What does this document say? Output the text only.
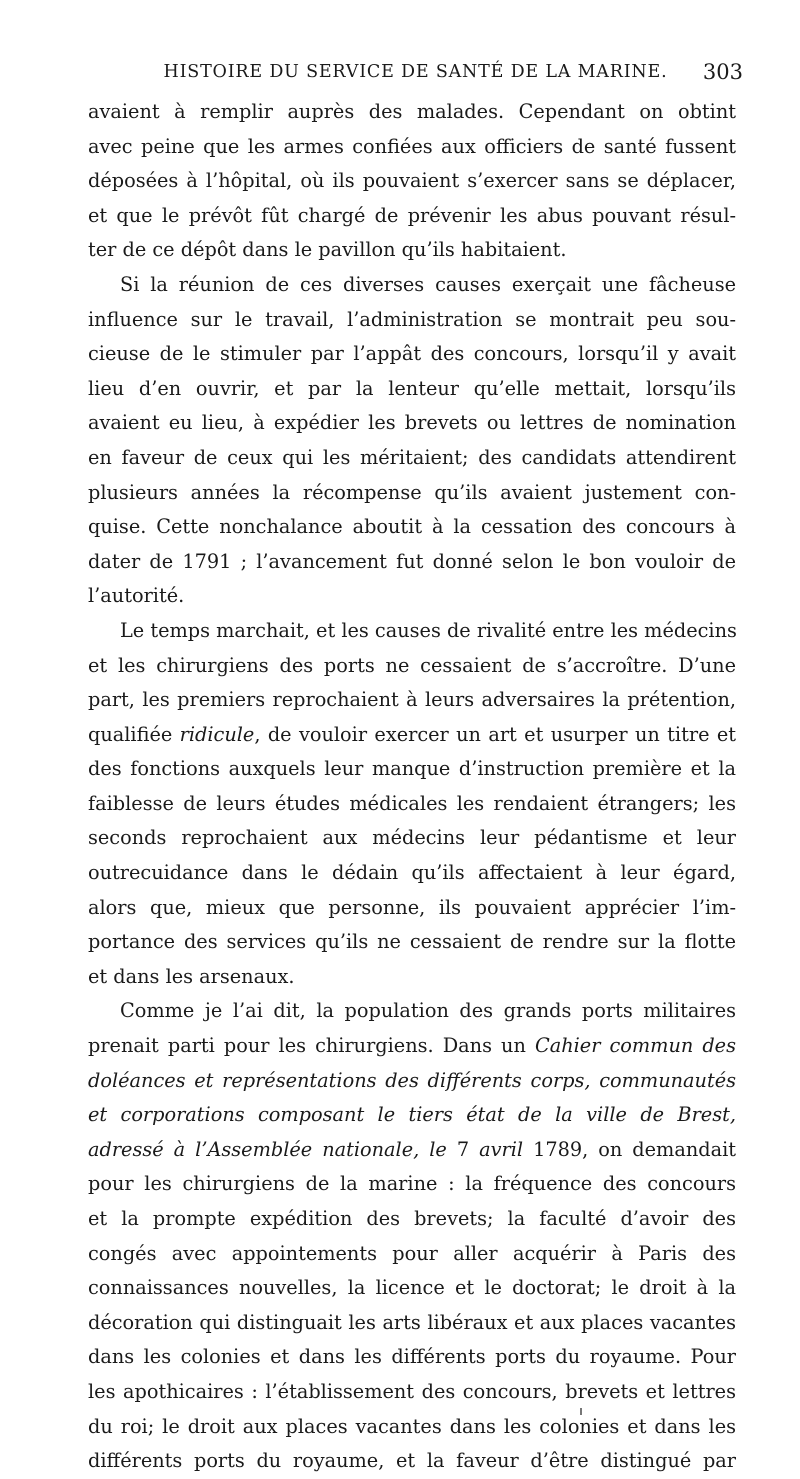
HISTOIRE DU SERVICE DE SANTÉ DE LA MARINE.	303
avaient à remplir auprès des malades. Cependant on obtint
avec peine que les armes confiées aux officiers de santé fussent
déposées à l’hôpital, où ils pouvaient s’exercer sans se déplacer,
et que le prévôt fût chargé de prévenir les abus pouvant résul-
ter de ce dépôt dans le pavillon qu’ils habitaient.
Si la réunion de ces diverses causes exerçait une fâcheuse
influence sur le travail, l’administration se montrait peu sou-
cieuse de le stimuler par l’appât des concours, lorsqu’il y avait
lieu d’en ouvrir, et par la lenteur qu’elle mettait, lorsqu’ils
avaient eu lieu, à expédier les brevets ou lettres de nomination
en faveur de ceux qui les méritaient; des candidats attendirent
plusieurs années la récompense qu’ils avaient justement con-
quise. Cette nonchalance aboutit à la cessation des concours à
dater de 1791 ; l’avancement fut donné selon le bon vouloir de
l’autorité.
Le temps marchait, et les causes de rivalité entre les médecins
et les chirurgiens des ports ne cessaient de s’accroître. D’une
part, les premiers reprochaient à leurs adversaires la prétention,
qualifiée ridicule, de vouloir exercer un art et usurper un titre et
des fonctions auxquels leur manque d’instruction première et la
faiblesse de leurs études médicales les rendaient étrangers; les
seconds reprochaient aux médecins leur pédantisme et leur
outrecuidance dans le dédain qu’ils affectaient à leur égard,
alors que, mieux que personne, ils pouvaient apprécier l’im-
portance des services qu’ils ne cessaient de rendre sur la flotte
et dans les arsenaux.
Comme je l’ai dit, la population des grands ports militaires
prenait parti pour les chirurgiens. Dans un Cahier commun des
doléances et représentations des différents corps, communautés
et corporations composant le tiers état de la ville de Brest,
adressé à l’Assemblée nationale, le 7 avril 1789, on demandait
pour les chirurgiens de la marine : la fréquence des concours
et la prompte expédition des brevets; la faculté d’avoir des
congés avec appointements pour aller acquérir à Paris des
connaissances nouvelles, la licence et le doctorat; le droit à la
décoration qui distinguait les arts libéraux et aux places vacantes
dans les colonies et dans les différents ports du royaume. Pour
les apothicaires : l’établissement des concours, brevets et lettres
du roi; le droit aux places vacantes dans les colonies et dans les
différents ports du royaume, et la faveur d’être distingué par
